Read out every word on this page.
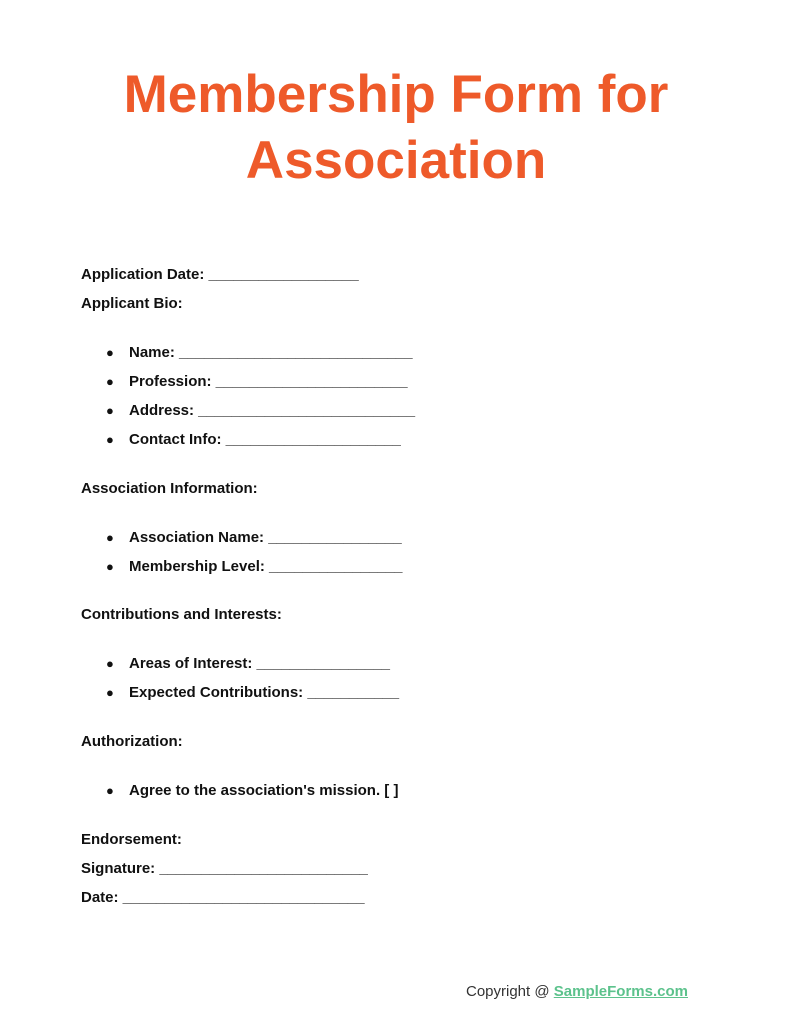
Membership Form for Association

Application Date: __________________

Applicant Bio:

● Name: ____________________________
● Profession: _______________________
● Address: __________________________
● Contact Info: _____________________

Association Information:

● Association Name: ________________
● Membership Level: ________________

Contributions and Interests:

● Areas of Interest: ________________
● Expected Contributions: ___________

Authorization:

● Agree to the association's mission. [ ]

Endorsement:

Signature: _________________________

Date: _____________________________

Copyright @ SampleForms.com
